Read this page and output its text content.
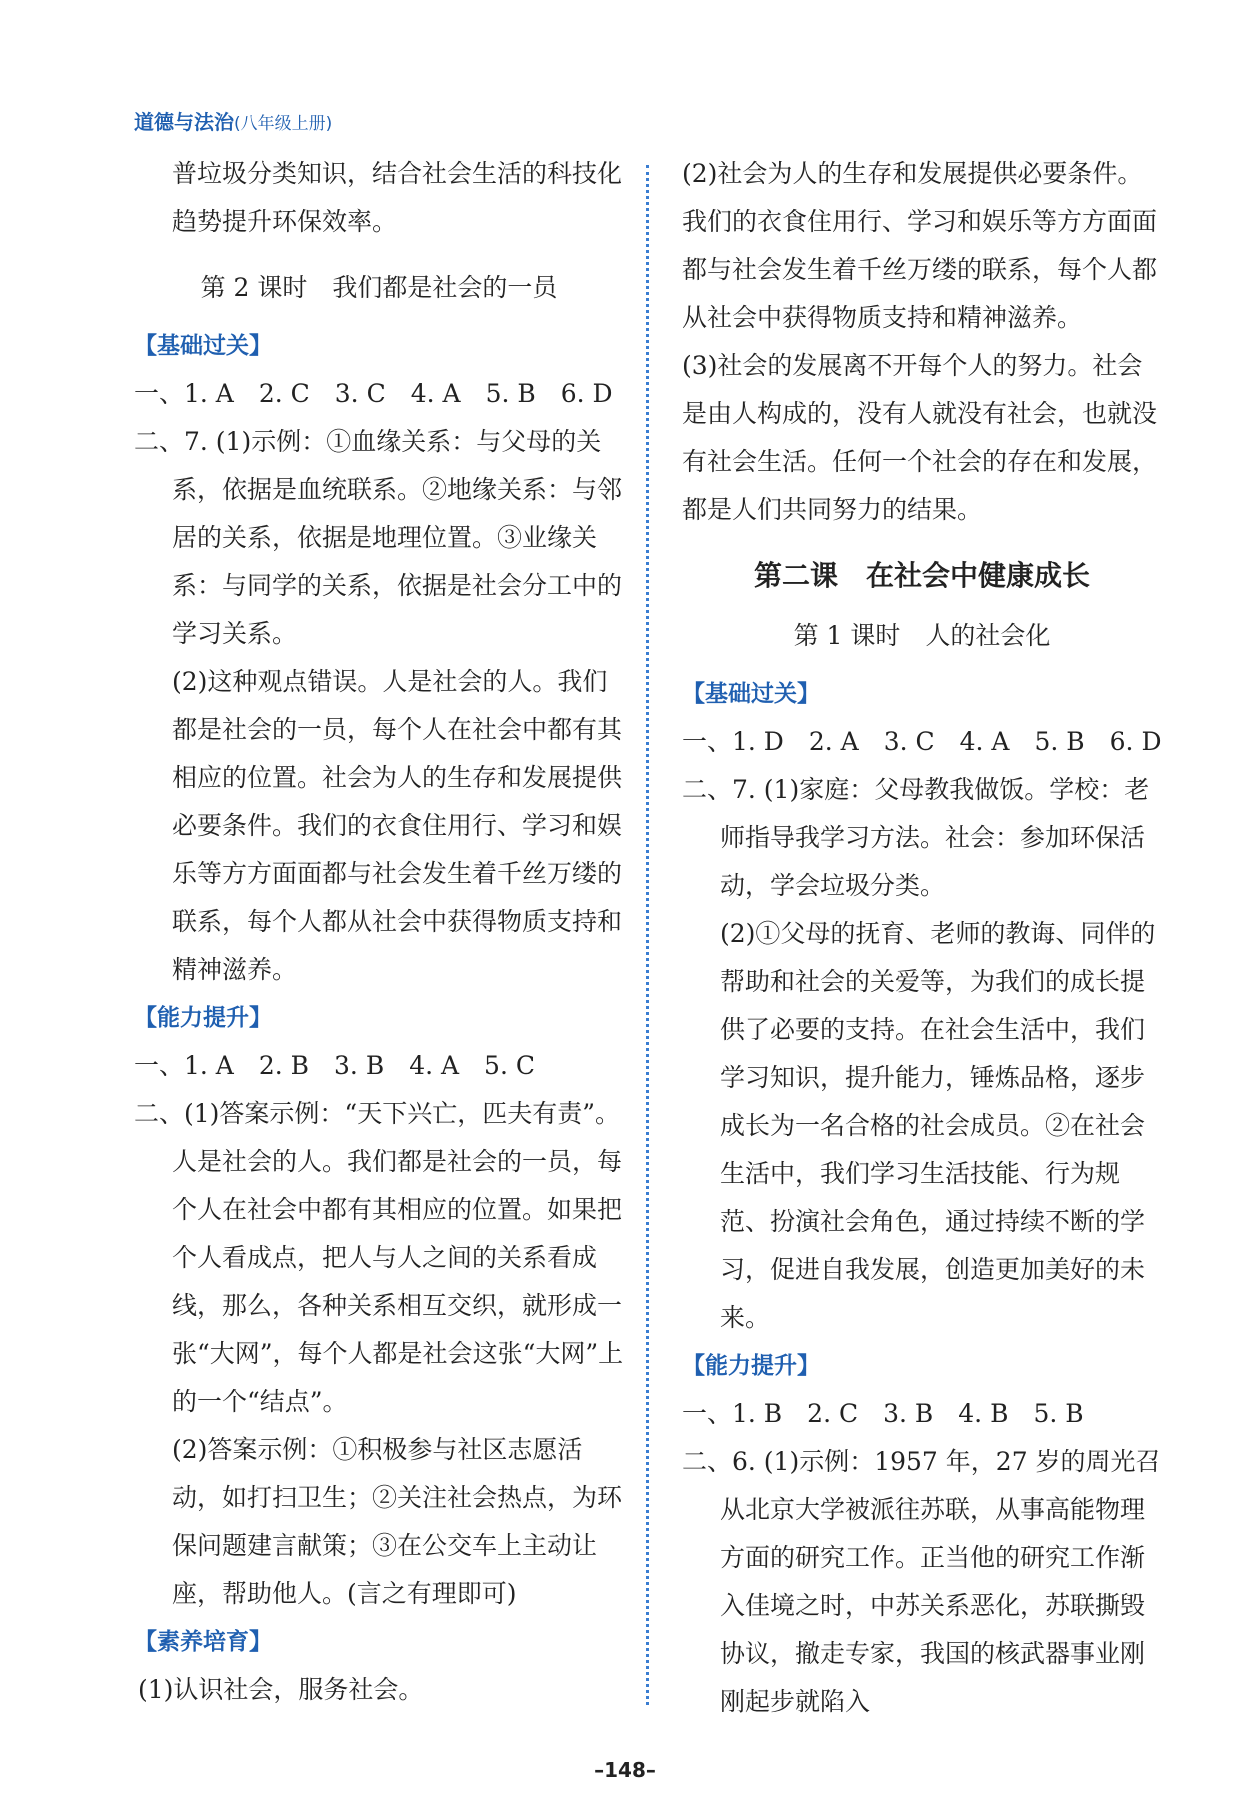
道德与法治(八年级上册)

普垃圾分类知识，结合社会生活的科技化趋势提升环保效率。

第 2 课时　我们都是社会的一员

【基础过关】

一、1. A　2. C　3. C　4. A　5. B　6. D

二、7. (1)示例：①血缘关系：与父母的关系，依据是血统联系。②地缘关系：与邻居的关系，依据是地理位置。③业缘关系：与同学的关系，依据是社会分工中的学习关系。

(2)这种观点错误。人是社会的人。我们都是社会的一员，每个人在社会中都有其相应的位置。社会为人的生存和发展提供必要条件。我们的衣食住用行、学习和娱乐等方方面面都与社会发生着千丝万缕的联系，每个人都从社会中获得物质支持和精神滋养。

【能力提升】

一、1. A　2. B　3. B　4. A　5. C

二、(1)答案示例：“天下兴亡，匹夫有责”。人是社会的人。我们都是社会的一员，每个人在社会中都有其相应的位置。如果把个人看成点，把人与人之间的关系看成线，那么，各种关系相互交织，就形成一张“大网”，每个人都是社会这张“大网”上的一个“结点”。

(2)答案示例：①积极参与社区志愿活动，如打扫卫生；②关注社会热点，为环保问题建言献策；③在公交车上主动让座，帮助他人。(言之有理即可)

【素养培育】

(1)认识社会，服务社会。

(2)社会为人的生存和发展提供必要条件。我们的衣食住用行、学习和娱乐等方方面面都与社会发生着千丝万缕的联系，每个人都从社会中获得物质支持和精神滋养。

(3)社会的发展离不开每个人的努力。社会是由人构成的，没有人就没有社会，也就没有社会生活。任何一个社会的存在和发展，都是人们共同努力的结果。

第二课　在社会中健康成长
第 1 课时　人的社会化

【基础过关】

一、1. D　2. A　3. C　4. A　5. B　6. D

二、7. (1)家庭：父母教我做饭。学校：老师指导我学习方法。社会：参加环保活动，学会垃圾分类。

(2)①父母的抚育、老师的教诲、同伴的帮助和社会的关爱等，为我们的成长提供了必要的支持。在社会生活中，我们学习知识，提升能力，锤炼品格，逐步成长为一名合格的社会成员。②在社会生活中，我们学习生活技能、行为规范、扮演社会角色，通过持续不断的学习，促进自我发展，创造更加美好的未来。

【能力提升】

一、1. B　2. C　3. B　4. B　5. B

二、6. (1)示例：1957 年，27 岁的周光召从北京大学被派往苏联，从事高能物理方面的研究工作。正当他的研究工作渐入佳境之时，中苏关系恶化，苏联撕毁协议，撤走专家，我国的核武器事业刚刚起步就陷入

–148–
